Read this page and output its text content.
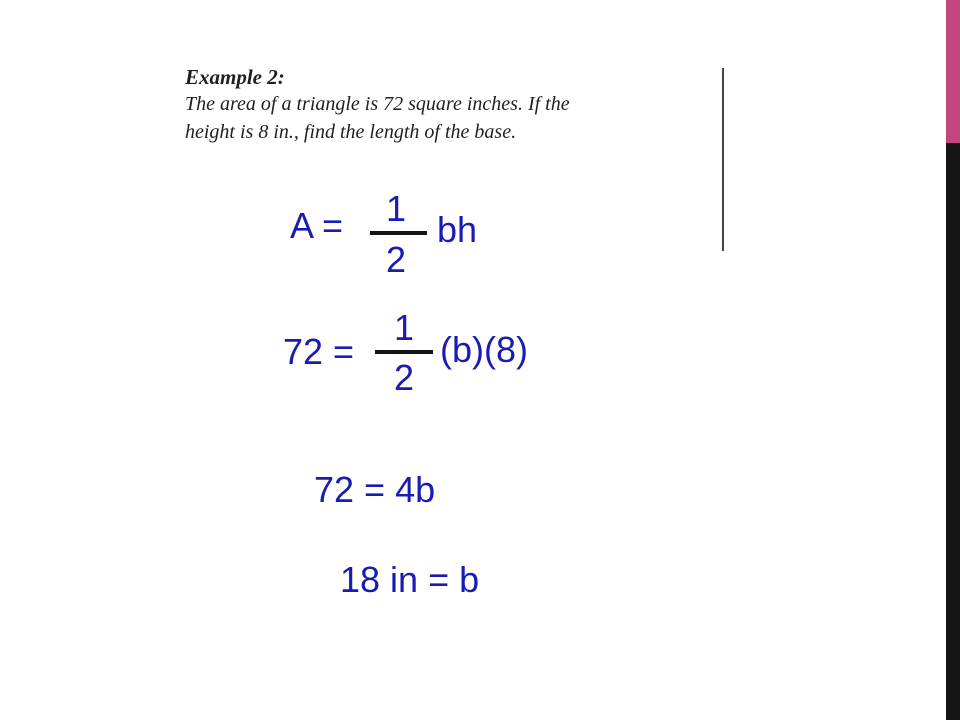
Example 2:
The area of a triangle is 72 square inches. If the
height is 8 in., find the length of the base.
A = 1
2
bh
72 =
1
2
(b)(8)
72 = 4b
18 in = b
